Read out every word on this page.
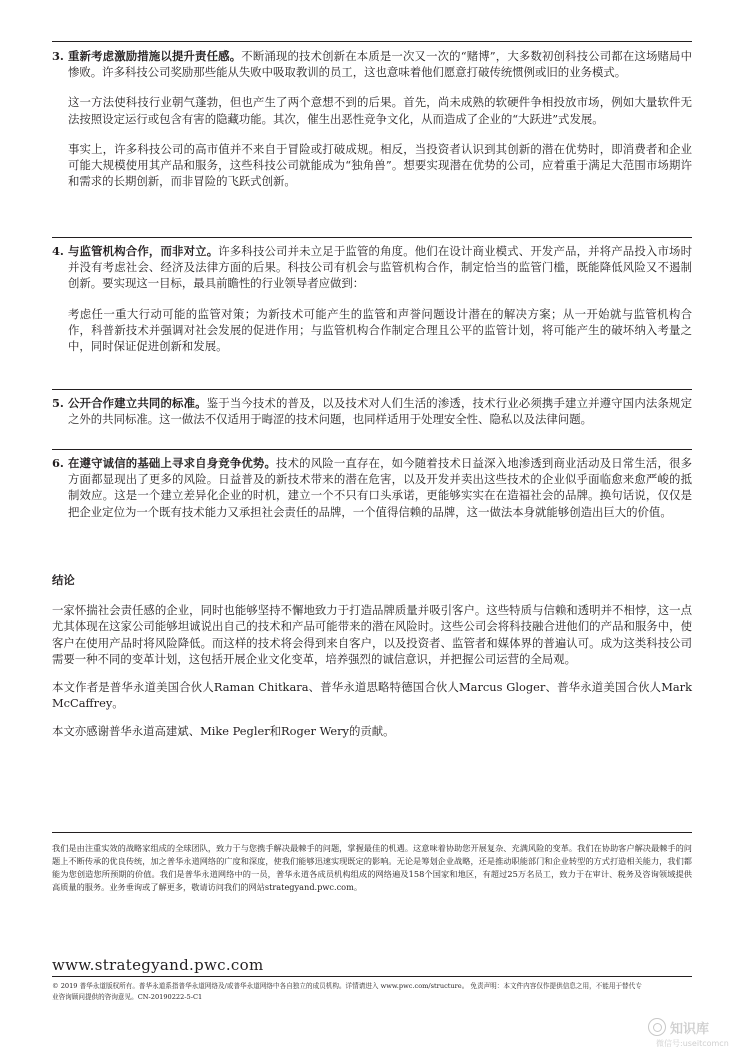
3. 重新考虑激励措施以提升责任感。不断涌现的技术创新在本质是一次又一次的“赌博”，大多数初创科技公司都在这场赌局中惨败。许多科技公司奖励那些能从失败中吸取教训的员工，这也意味着他们愿意打破传统惯例或旧的业务模式。
这一方法使科技行业朝气蓬勃，但也产生了两个意想不到的后果。首先，尚未成熟的软硬件争相投放市场，例如大量软件无法按照设定运行或包含有害的隐藏功能。其次，催生出恶性竞争文化，从而造成了企业的“大跃进”式发展。
事实上，许多科技公司的高市值并不来自于冒险或打破成规。相反，当投资者认识到其创新的潜在优势时，即消费者和企业可能大规模使用其产品和服务，这些科技公司就能成为“独角兽”。想要实现潜在优势的公司，应着重于满足大范围市场期许和需求的长期创新，而非冒险的飞跃式创新。
4. 与监管机构合作，而非对立。许多科技公司并未立足于监管的角度。他们在设计商业模式、开发产品，并将产品投入市场时并没有考虑社会、经济及法律方面的后果。科技公司有机会与监管机构合作，制定恰当的监管门槛，既能降低风险又不遏制创新。要实现这一目标，最具前瞻性的行业领导者应做到：
考虑任一重大行动可能的监管对策；为新技术可能产生的监管和声誉问题设计潜在的解决方案；从一开始就与监管机构合作，科普新技术并强调对社会发展的促进作用；与监管机构合作制定合理且公平的监管计划，将可能产生的破坏纳入考量之中，同时保证促进创新和发展。
5. 公开合作建立共同的标准。鉴于当今技术的普及，以及技术对人们生活的渗透，技术行业必须携手建立并遵守国内法条规定之外的共同标准。这一做法不仅适用于晦涩的技术问题，也同样适用于处理安全性、隐私以及法律问题。
6. 在遵守诚信的基础上寻求自身竞争优势。技术的风险一直存在，如今随着技术日益深入地渗透到商业活动及日常生活，很多方面都显现出了更多的风险。日益普及的新技术带来的潜在危害，以及开发并卖出这些技术的企业似乎面临愈来愈严峻的抵制效应。这是一个建立差异化企业的时机，建立一个不只有口头承诺，更能够实实在在造福社会的品牌。换句话说，仅仅是把企业定位为一个既有技术能力又承担社会责任的品牌，一个值得信赖的品牌，这一做法本身就能够创造出巨大的价值。
结论
一家怀揣社会责任感的企业，同时也能够坚持不懈地致力于打造品牌质量并吸引客户。这些特质与信赖和透明并不相悖，这一点尤其体现在这家公司能够坦诚说出自己的技术和产品可能带来的潜在风险时。这些公司会将科技融合进他们的产品和服务中，使客户在使用产品时将风险降低。而这样的技术将会得到来自客户，以及投资者、监管者和媒体界的普遍认可。成为这类科技公司需要一种不同的变革计划，这包括开展企业文化变革，培养强烈的诚信意识，并把握公司运营的全局观。
本文作者是普华永道美国合伙人Raman Chitkara、普华永道思略特德国合伙人Marcus Gloger、普华永道美国合伙人Mark McCaffrey。
本文亦感谢普华永道高建斌、Mike Pegler和Roger Wery的贡献。
我们是由注重实效的战略家组成的全球团队，致力于与您携手解决最棘手的问题，掌握最佳的机遇。这意味着协助您开展复杂、充满风险的变革。我们在协助客户解决最棘手的问题上不断传承的优良传统，加之普华永道网络的广度和深度，使我们能够迅速实现既定的影响。无论是筹划企业战略，还是推动职能部门和企业转型的方式打造相关能力，我们都能为您创造您所预期的价值。我们是普华永道网络中的一员，普华永道各成员机构组成的网络遍及158个国家和地区，有超过25万名员工，致力于在审计、税务及咨询领域提供高质量的服务。业务垂询或了解更多，敬请访问我们的网站strategyand.pwc.com。
www.strategyand.pwc.com
© 2019 普华永道版权所有。普华永道系指普华永道网络及/或普华永道网络中各自独立的成员机构。详情请进入 www.pwc.com/structure。 免责声明：本文件内容仅作提供信息之用，不能用于替代专业咨询顾问提供的咨询意见。CN-20190222-5-C1
知识库
微信号:useitcomcn
